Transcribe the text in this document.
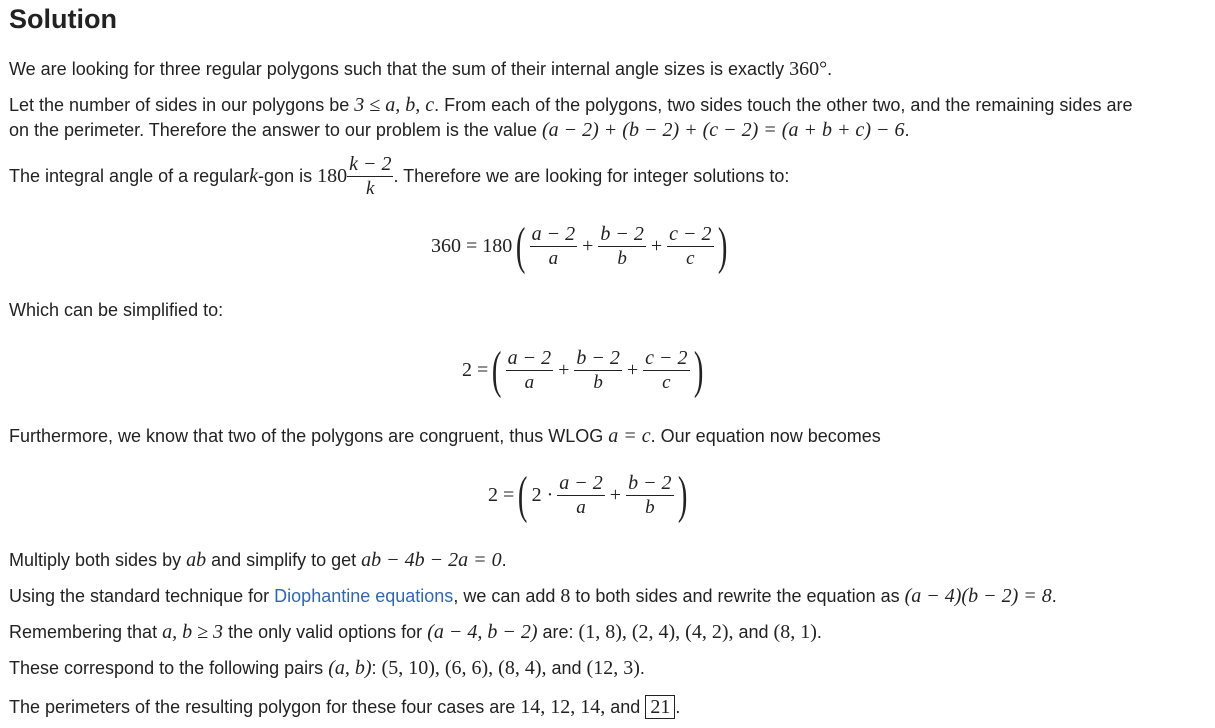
Solution
We are looking for three regular polygons such that the sum of their internal angle sizes is exactly 360°.
Let the number of sides in our polygons be 3 ≤ a, b, c. From each of the polygons, two sides touch the other two, and the remaining sides are
on the perimeter. Therefore the answer to our problem is the value (a − 2) + (b − 2) + (c − 2) = (a + b + c) − 6.
The integral angle of a regular k -gon is $180 \frac{k - 2}{k}$ . Therefore we are looking for integer solutions to:
360 = 180 ( $\frac{a - 2}{a} + \frac{b - 2}{b} + \frac{c - 2}{c}$ )
Which can be simplified to:
2 = ( $\frac{a - 2}{a} + \frac{b - 2}{b} + \frac{c - 2}{c}$ )
Furthermore, we know that two of the polygons are congruent, thus WLOG a = c. Our equation now becomes
2 = ( $2 \cdot \frac{a - 2}{a} + \frac{b - 2}{b}$ )
Multiply both sides by ab and simplify to get ab − 4b − 2a = 0.
Using the standard technique for Diophantine equations, we can add 8 to both sides and rewrite the equation as (a − 4)(b − 2) = 8.
Remembering that a, b ≥ 3 the only valid options for (a − 4, b − 2) are: (1, 8), (2, 4), (4, 2), and (8, 1).
These correspond to the following pairs (a, b): (5, 10), (6, 6), (8, 4), and (12, 3).
The perimeters of the resulting polygon for these four cases are 14, 12, 14, and 21 .
